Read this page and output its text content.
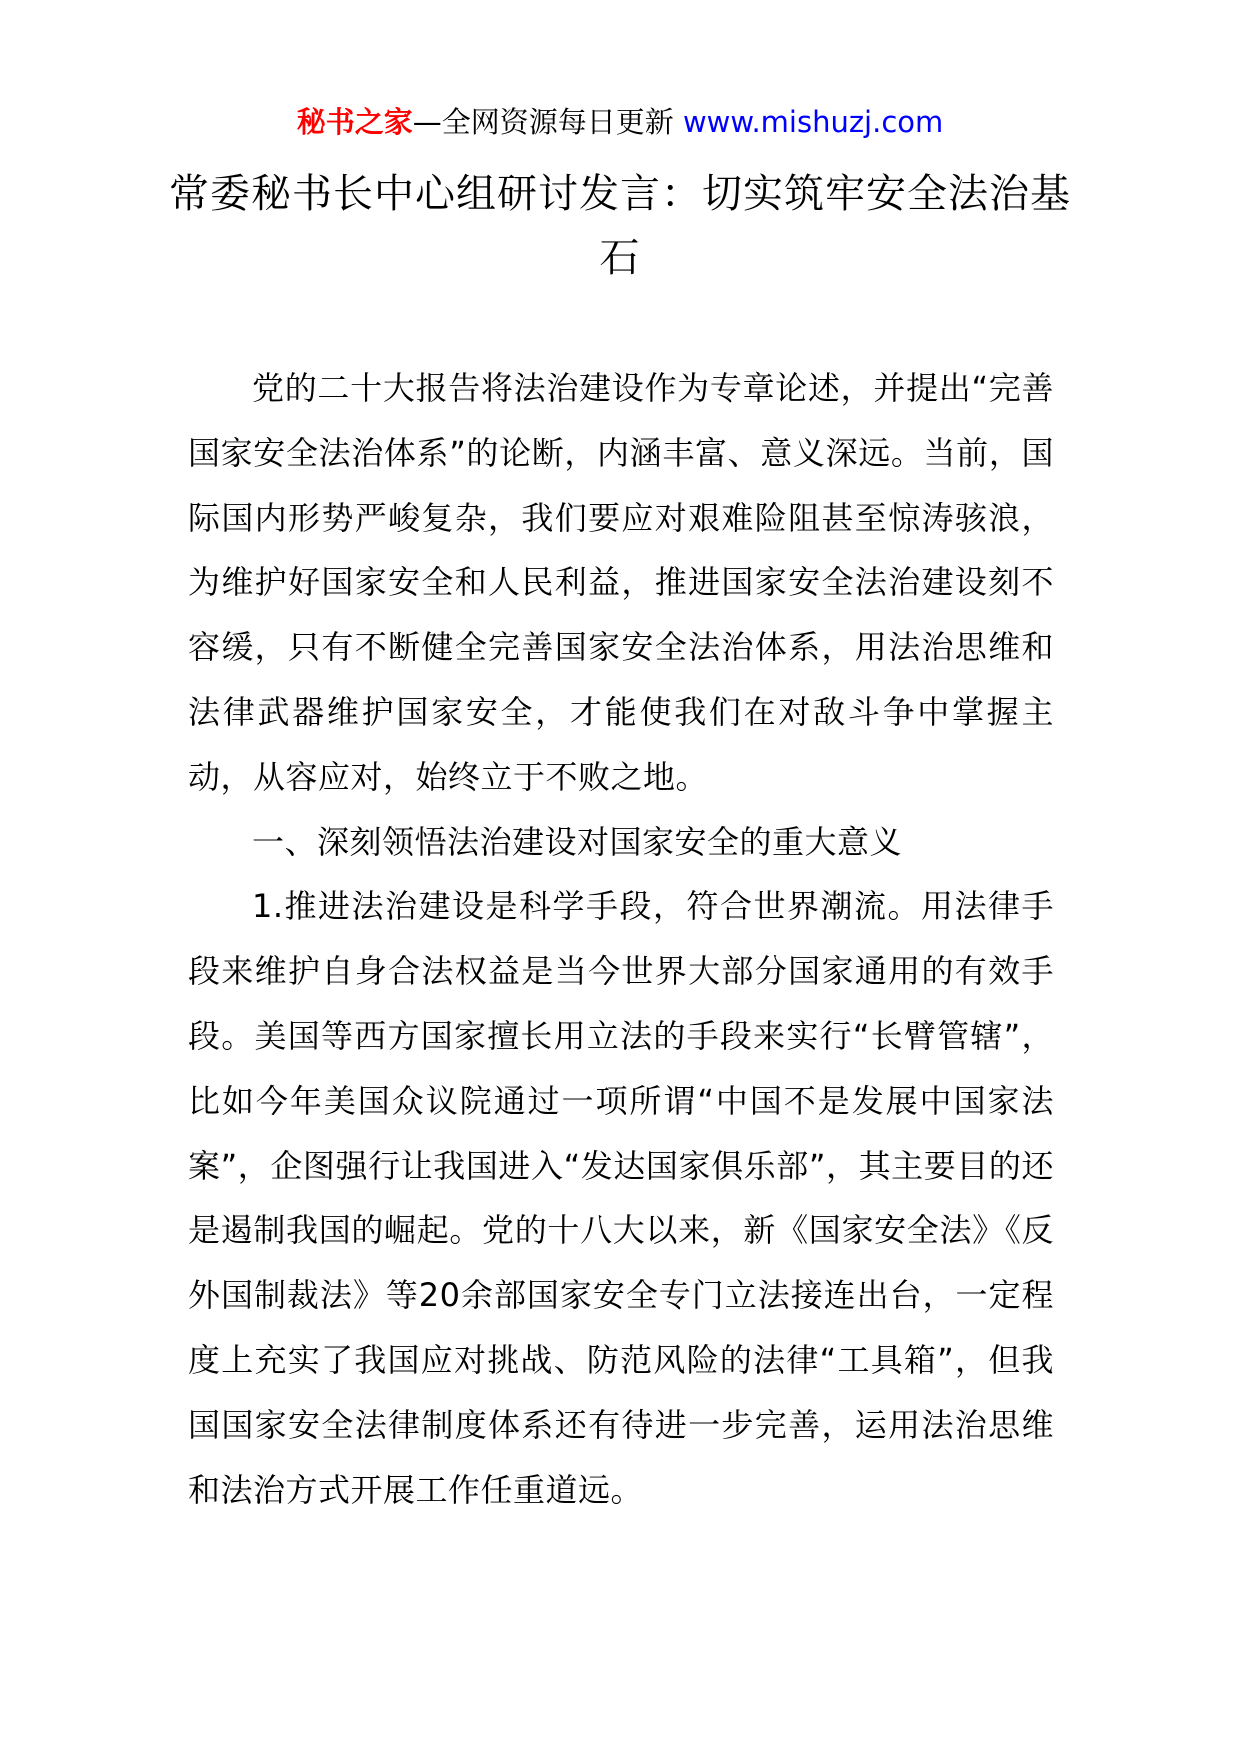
秘书之家—全网资源每日更新 www.mishuzj.com
常委秘书长中心组研讨发言：切实筑牢安全法治基石

党的二十大报告将法治建设作为专章论述，并提出“完善国家安全法治体系”的论断，内涵丰富、意义深远。当前，国际国内形势严峻复杂，我们要应对艰难险阻甚至惊涛骇浪，为维护好国家安全和人民利益，推进国家安全法治建设刻不容缓，只有不断健全完善国家安全法治体系，用法治思维和法律武器维护国家安全，才能使我们在对敌斗争中掌握主动，从容应对，始终立于不败之地。

一、深刻领悟法治建设对国家安全的重大意义

1.推进法治建设是科学手段，符合世界潮流。用法律手段来维护自身合法权益是当今世界大部分国家通用的有效手段。美国等西方国家擅长用立法的手段来实行“长臂管辖”，比如今年美国众议院通过一项所谓“中国不是发展中国家法案”，企图强行让我国进入“发达国家俱乐部”，其主要目的还是遏制我国的崛起。党的十八大以来，新《国家安全法》《反外国制裁法》等20余部国家安全专门立法接连出台，一定程度上充实了我国应对挑战、防范风险的法律“工具箱”，但我国国家安全法律制度体系还有待进一步完善，运用法治思维和法治方式开展工作任重道远。
